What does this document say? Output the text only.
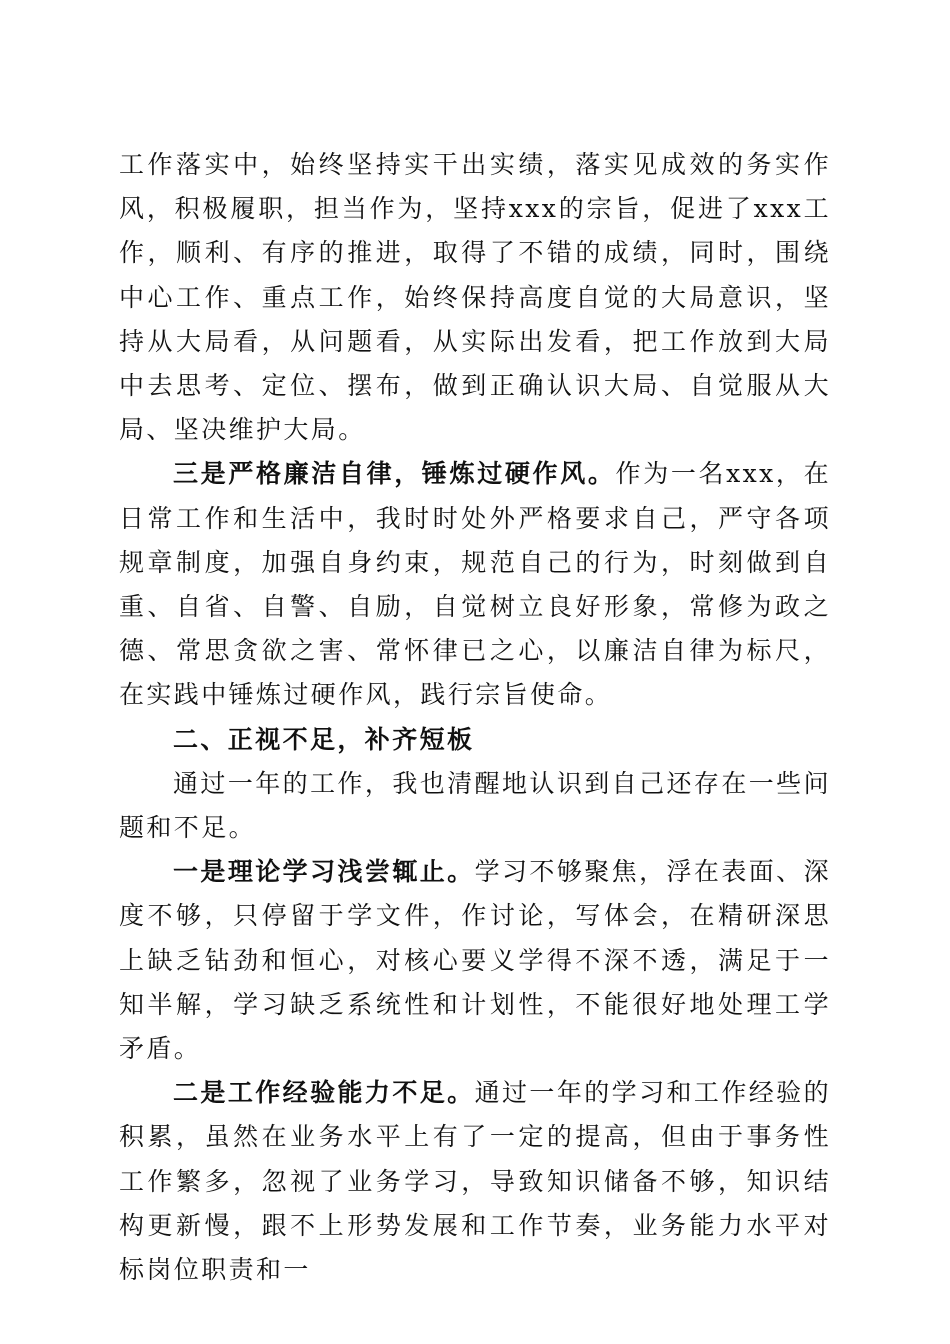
工作落实中，始终坚持实干出实绩，落实见成效的务实作风，积极履职，担当作为，坚持xxx的宗旨，促进了xxx工作，顺利、有序的推进，取得了不错的成绩，同时，围绕中心工作、重点工作，始终保持高度自觉的大局意识，坚持从大局看，从问题看，从实际出发看，把工作放到大局中去思考、定位、摆布，做到正确认识大局、自觉服从大局、坚决维护大局。

三是严格廉洁自律，锤炼过硬作风。作为一名xxx，在日常工作和生活中，我时时处外严格要求自己，严守各项规章制度，加强自身约束，规范自己的行为，时刻做到自重、自省、自警、自励，自觉树立良好形象，常修为政之德、常思贪欲之害、常怀律已之心，以廉洁自律为标尺，在实践中锤炼过硬作风，践行宗旨使命。

二、正视不足，补齐短板

通过一年的工作，我也清醒地认识到自己还存在一些问题和不足。

一是理论学习浅尝辄止。学习不够聚焦，浮在表面、深度不够，只停留于学文件，作讨论，写体会，在精研深思上缺乏钻劲和恒心，对核心要义学得不深不透，满足于一知半解，学习缺乏系统性和计划性，不能很好地处理工学矛盾。

二是工作经验能力不足。通过一年的学习和工作经验的积累，虽然在业务水平上有了一定的提高，但由于事务性工作繁多，忽视了业务学习，导致知识储备不够，知识结构更新慢，跟不上形势发展和工作节奏，业务能力水平对标岗位职责和一
